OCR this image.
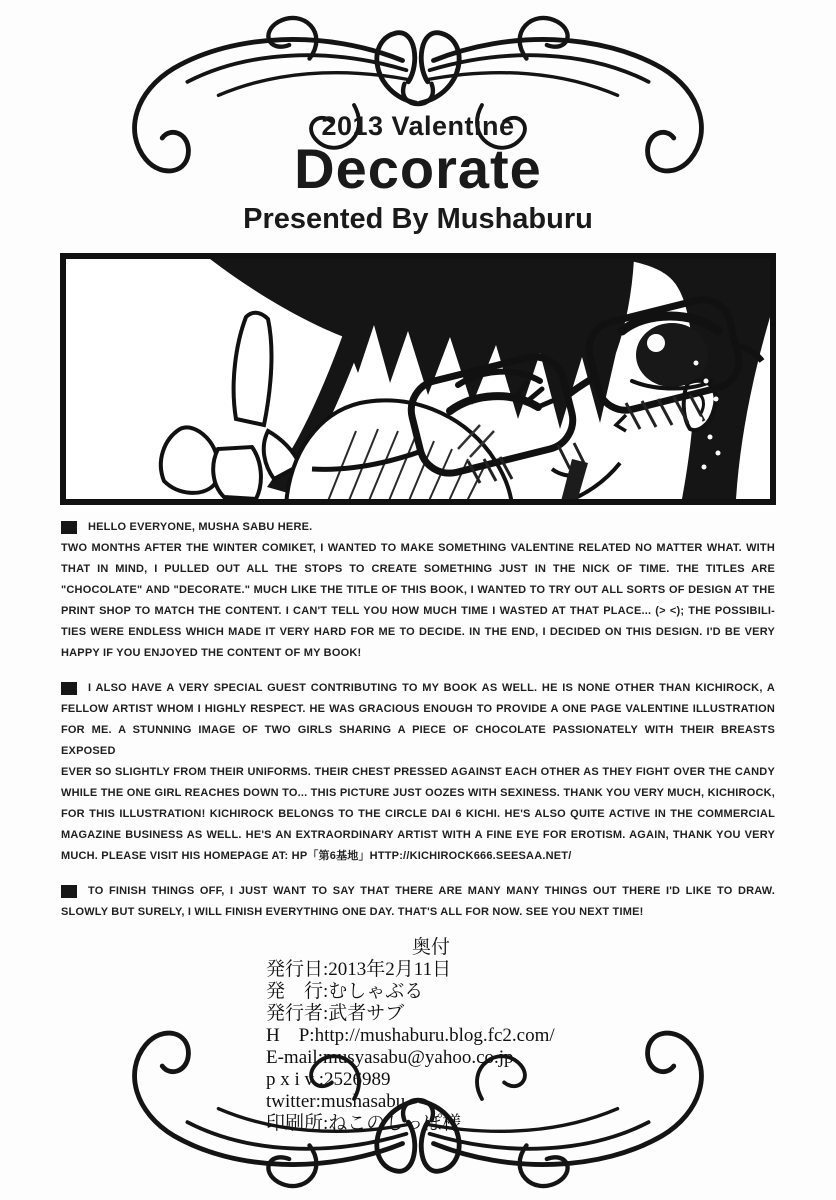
2013 Valentine
Decorate
Presented By Mushaburu
HELLO EVERYONE, MUSHA SABU HERE.
TWO MONTHS AFTER THE WINTER COMIKET, I WANTED TO MAKE SOMETHING VALENTINE RELATED NO MATTER WHAT. WITH
THAT IN MIND, I PULLED OUT ALL THE STOPS TO CREATE SOMETHING JUST IN THE NICK OF TIME. THE TITLES ARE
"CHOCOLATE" AND "DECORATE." MUCH LIKE THE TITLE OF THIS BOOK, I WANTED TO TRY OUT ALL SORTS OF DESIGN AT THE
PRINT SHOP TO MATCH THE CONTENT. I CAN'T TELL YOU HOW MUCH TIME I WASTED AT THAT PLACE... (> <); THE POSSIBILI-
TIES WERE ENDLESS WHICH MADE IT VERY HARD FOR ME TO DECIDE. IN THE END, I DECIDED ON THIS DESIGN. I'D BE VERY
HAPPY IF YOU ENJOYED THE CONTENT OF MY BOOK!
I ALSO HAVE A VERY SPECIAL GUEST CONTRIBUTING TO MY BOOK AS WELL. HE IS NONE OTHER THAN KICHIROCK, A
FELLOW ARTIST WHOM I HIGHLY RESPECT. HE WAS GRACIOUS ENOUGH TO PROVIDE A ONE PAGE VALENTINE ILLUSTRATION
FOR ME. A STUNNING IMAGE OF TWO GIRLS SHARING A PIECE OF CHOCOLATE PASSIONATELY WITH THEIR BREASTS EXPOSED
EVER SO SLIGHTLY FROM THEIR UNIFORMS. THEIR CHEST PRESSED AGAINST EACH OTHER AS THEY FIGHT OVER THE CANDY
WHILE THE ONE GIRL REACHES DOWN TO... THIS PICTURE JUST OOZES WITH SEXINESS. THANK YOU VERY MUCH, KICHIROCK,
FOR THIS ILLUSTRATION! KICHIROCK BELONGS TO THE CIRCLE DAI 6 KICHI. HE'S ALSO QUITE ACTIVE IN THE COMMERCIAL
MAGAZINE BUSINESS AS WELL. HE'S AN EXTRAORDINARY ARTIST WITH A FINE EYE FOR EROTISM. AGAIN, THANK YOU VERY
MUCH. PLEASE VISIT HIS HOMEPAGE AT: HP「第6基地」HTTP://KICHIROCK666.SEESAA.NET/
TO FINISH THINGS OFF, I JUST WANT TO SAY THAT THERE ARE MANY MANY THINGS OUT THERE I'D LIKE TO DRAW.
SLOWLY BUT SURELY, I WILL FINISH EVERYTHING ONE DAY. THAT'S ALL FOR NOW. SEE YOU NEXT TIME!
奥付
発行日:2013年2月11日
発　行:むしゃぶる
発行者:武者サブ
H　P:http://mushaburu.blog.fc2.com/
E-mail:musyasabu@yahoo.co.jp
p x i v :2526989
twitter:mushasabu
印刷所:ねこのしっぽ様
